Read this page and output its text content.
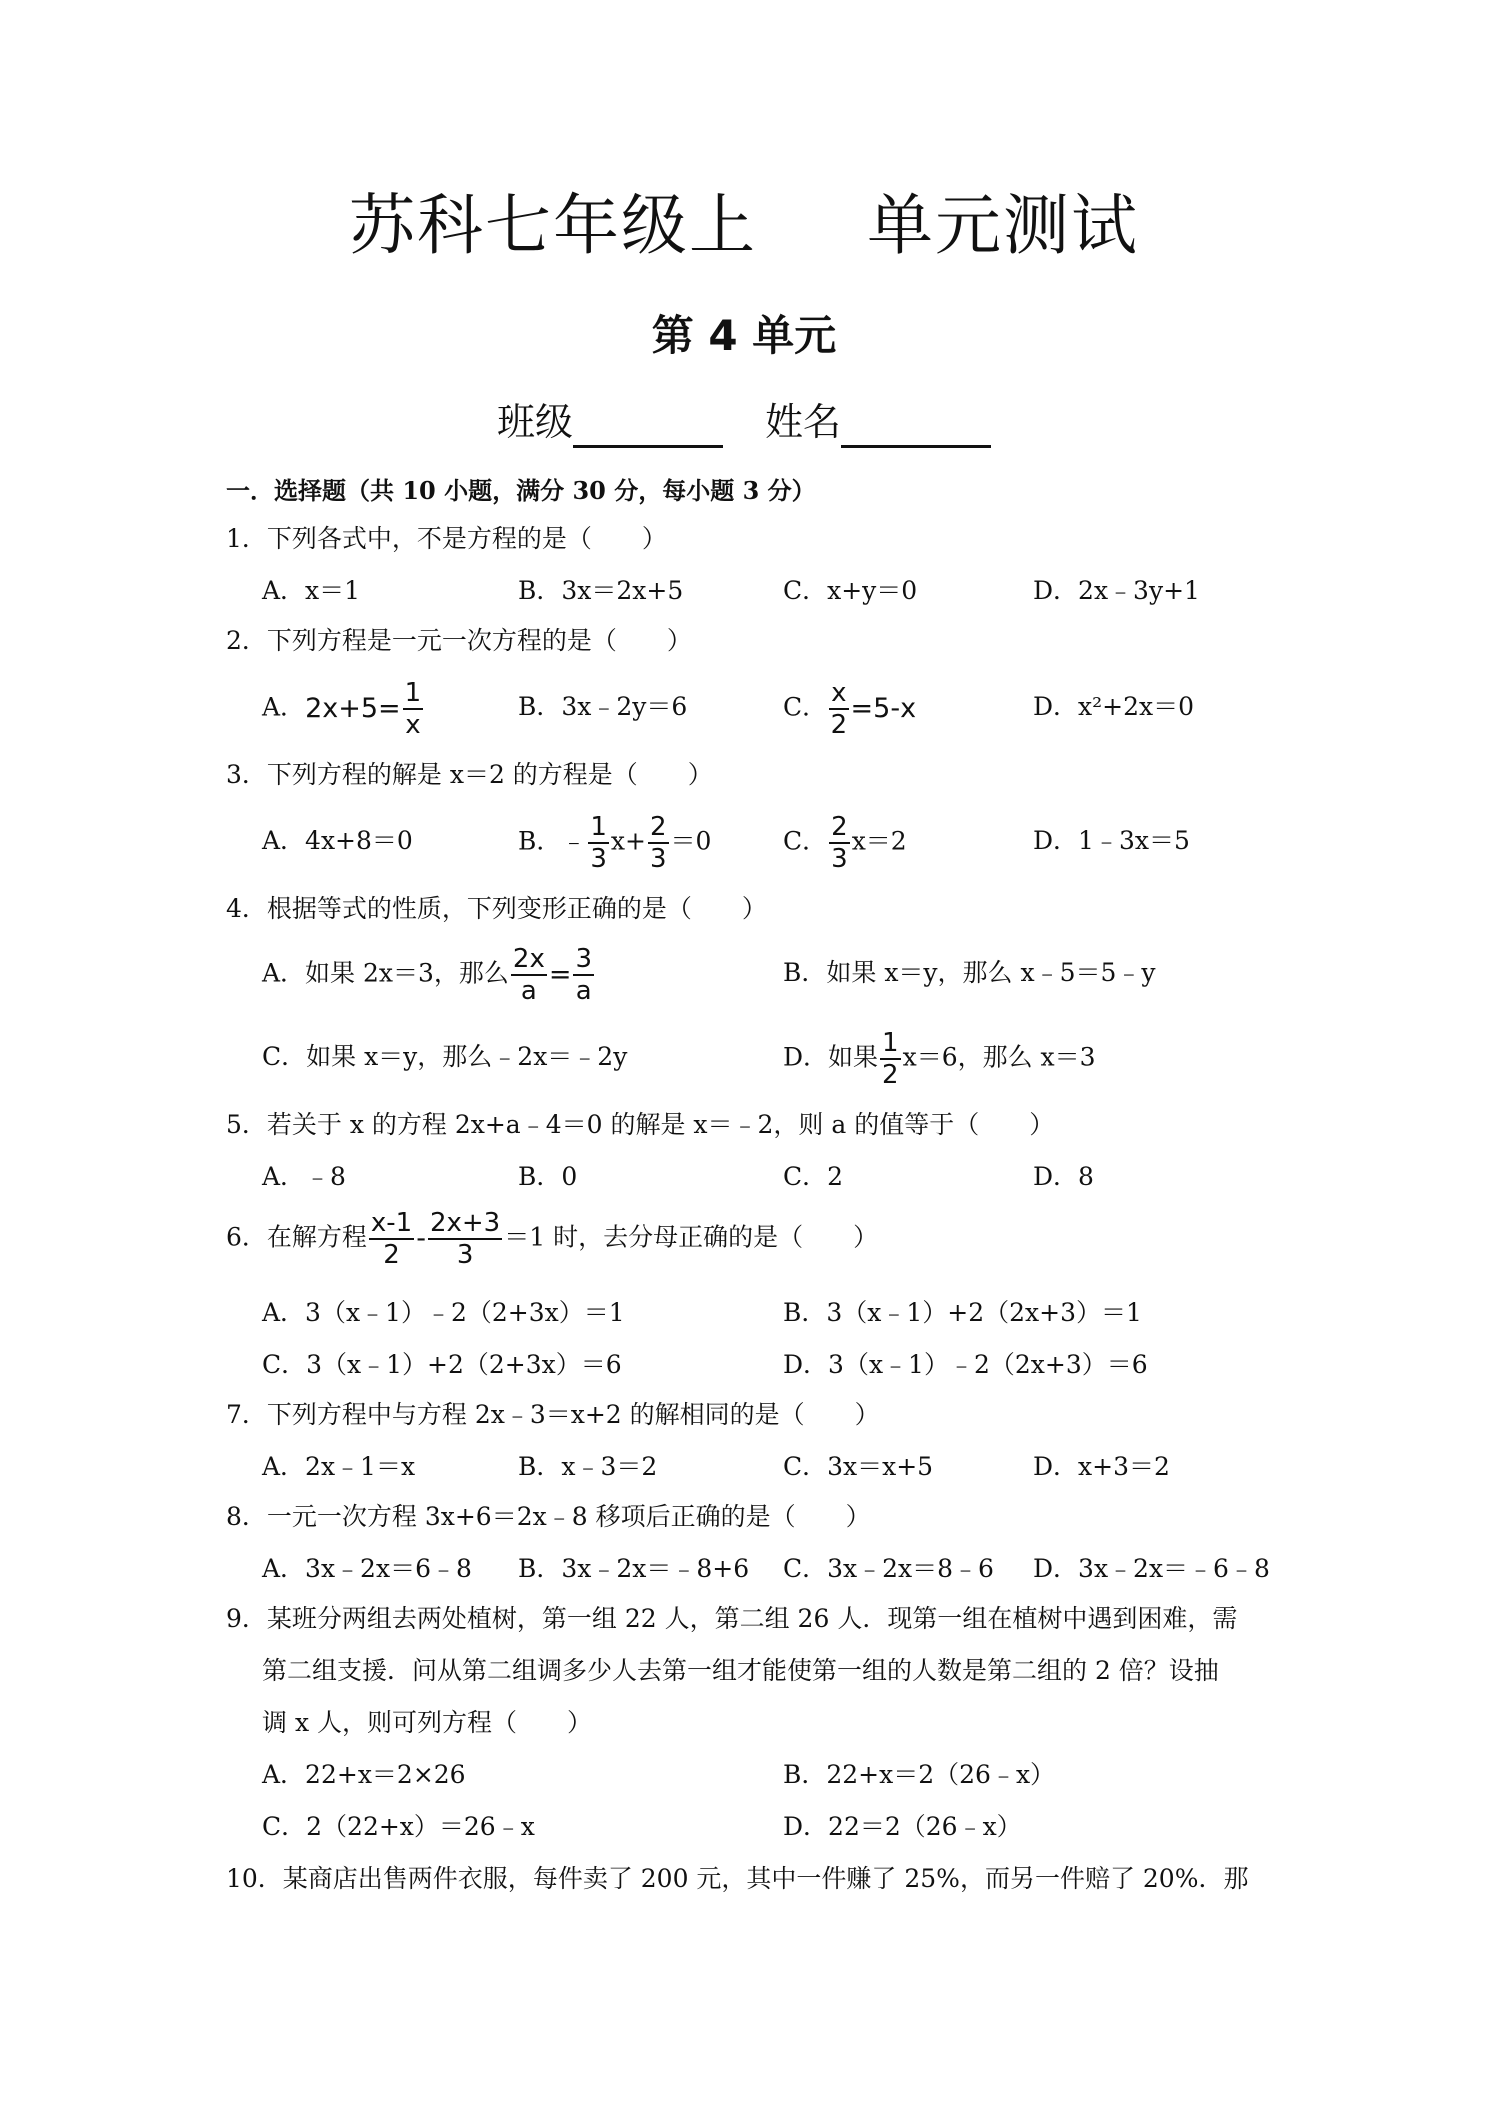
苏科七年级上 单元测试
第 4 单元
班级	姓名
一．选择题（共 10 小题，满分 30 分，每小题 3 分）
1．下列各式中，不是方程的是（　　）
A．x＝1	B．3x＝2x+5	C．x+y＝0	D．2x﹣3y+1
2．下列方程是一元一次方程的是（　　）
A．$2x+5= \frac{1}{x}$	B．3x﹣2y＝6	C． $\frac{x}{2} =5-x$	D．x²+2x＝0
3．下列方程的解是 x＝2 的方程是（　　）
A．4x+8＝0	B．﹣ $\frac{1}{3} x+ \frac{2}{3} =0$	C． $\frac{2}{3} x=2$	D．1﹣3x＝5
4．根据等式的性质，下列变形正确的是（　　）
A．如果 2x＝3，那么 $\frac{2x}{a} = \frac{3}{a}$	B．如果 x＝y，那么 x﹣5＝5﹣y
C．如果 x＝y，那么﹣2x＝﹣2y	D．如果 $\frac{1}{2} x=6$，那么 x＝3
5．若关于 x 的方程 2x+a﹣4＝0 的解是 x＝﹣2，则 a 的值等于（　　）
A．﹣8	B．0	C．2	D．8
6．在解方程 $\frac{x-1}{2} - \frac{2x+3}{3} =1$ 时，去分母正确的是（　　）
A．3（x﹣1）﹣2（2+3x）＝1	B．3（x﹣1）+2（2x+3）＝1
C．3（x﹣1）+2（2+3x）＝6	D．3（x﹣1）﹣2（2x+3）＝6
7．下列方程中与方程 2x﹣3＝x+2 的解相同的是（　　）
A．2x﹣1＝x	B．x﹣3＝2	C．3x＝x+5	D．x+3＝2
8．一元一次方程 3x+6＝2x﹣8 移项后正确的是（　　）
A．3x﹣2x＝6﹣8 B．3x﹣2x＝﹣8+6 C．3x﹣2x＝8﹣6 D．3x﹣2x＝﹣6﹣8
9．某班分两组去两处植树，第一组 22 人，第二组 26 人．现第一组在植树中遇到困难，需
第二组支援．问从第二组调多少人去第一组才能使第一组的人数是第二组的 2 倍？设抽
调 x 人，则可列方程（　　）
A．22+x＝2×26	B．22+x＝2（26﹣x）
C．2（22+x）＝26﹣x	D．22＝2（26﹣x）
10．某商店出售两件衣服，每件卖了 200 元，其中一件赚了 25%，而另一件赔了 20%．那
